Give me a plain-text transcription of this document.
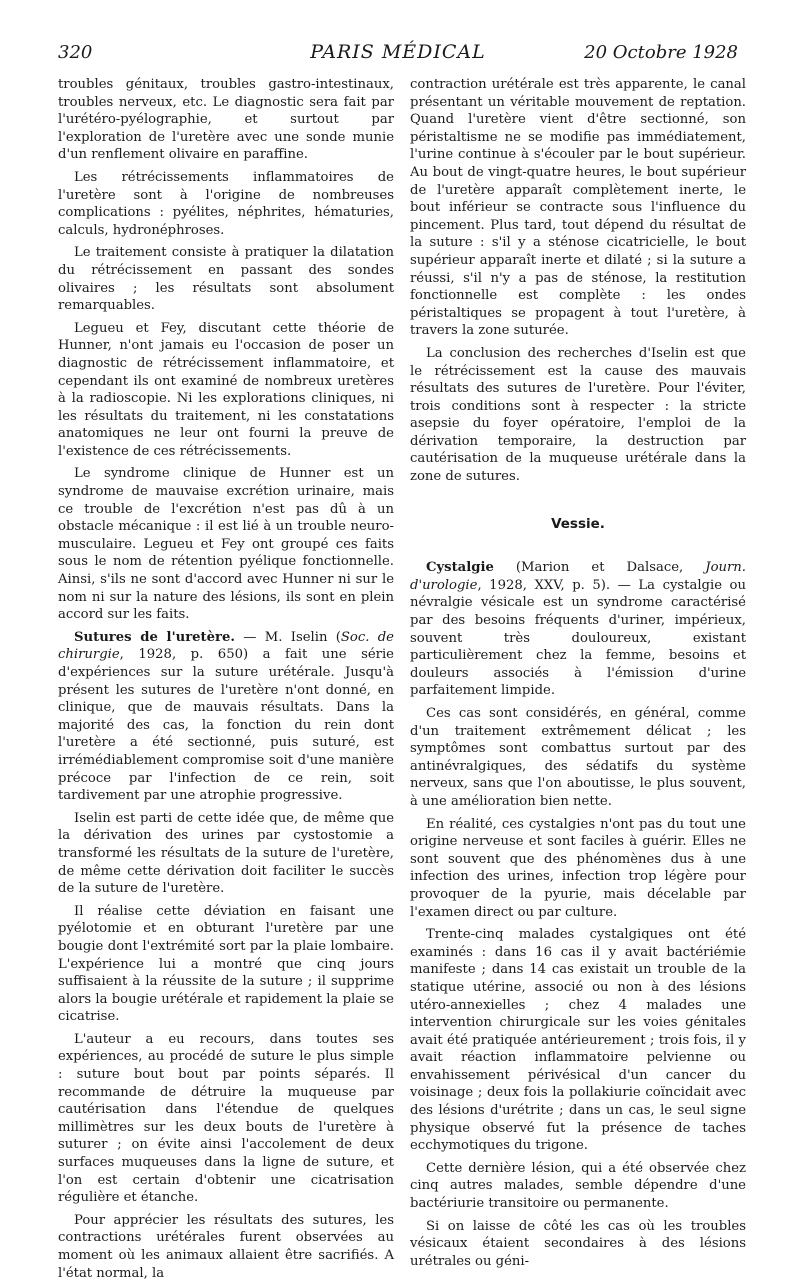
320	PARIS MÉDICAL	20 Octobre 1928

troubles génitaux, troubles gastro-intestinaux, troubles nerveux, etc. Le diagnostic sera fait par l'urétéro-pyélographie, et surtout par l'exploration de l'uretère avec une sonde munie d'un renflement olivaire en paraffine.

Les rétrécissements inflammatoires de l'uretère sont à l'origine de nombreuses complications : pyélites, néphrites, hématuries, calculs, hydronéphroses.

Le traitement consiste à pratiquer la dilatation du rétrécissement en passant des sondes olivaires ; les résultats sont absolument remarquables.

Legueu et Fey, discutant cette théorie de Hunner, n'ont jamais eu l'occasion de poser un diagnostic de rétrécissement inflammatoire, et cependant ils ont examiné de nombreux uretères à la radioscopie. Ni les explorations cliniques, ni les résultats du traitement, ni les constatations anatomiques ne leur ont fourni la preuve de l'existence de ces rétrécissements.

Le syndrome clinique de Hunner est un syndrome de mauvaise excrétion urinaire, mais ce trouble de l'excrétion n'est pas dû à un obstacle mécanique : il est lié à un trouble neuro-musculaire. Legueu et Fey ont groupé ces faits sous le nom de rétention pyélique fonctionnelle. Ainsi, s'ils ne sont d'accord avec Hunner ni sur le nom ni sur la nature des lésions, ils sont en plein accord sur les faits.

Sutures de l'uretère. — M. Iselin (Soc. de chirurgie, 1928, p. 650) a fait une série d'expériences sur la suture urétérale. Jusqu'à présent les sutures de l'uretère n'ont donné, en clinique, que de mauvais résultats. Dans la majorité des cas, la fonction du rein dont l'uretère a été sectionné, puis suturé, est irrémédiablement compromise soit d'une manière précoce par l'infection de ce rein, soit tardivement par une atrophie progressive.

Iselin est parti de cette idée que, de même que la dérivation des urines par cystostomie a transformé les résultats de la suture de l'uretère, de même cette dérivation doit faciliter le succès de la suture de l'uretère.

Il réalise cette déviation en faisant une pyélotomie et en obturant l'uretère par une bougie dont l'extrémité sort par la plaie lombaire. L'expérience lui a montré que cinq jours suffisaient à la réussite de la suture ; il supprime alors la bougie urétérale et rapidement la plaie se cicatrise.

L'auteur a eu recours, dans toutes ses expériences, au procédé de suture le plus simple : suture bout bout par points séparés. Il recommande de détruire la muqueuse par cautérisation dans l'étendue de quelques millimètres sur les deux bouts de l'uretère à suturer ; on évite ainsi l'accolement de deux surfaces muqueuses dans la ligne de suture, et l'on est certain d'obtenir une cicatrisation régulière et étanche.

Pour apprécier les résultats des sutures, les contractions urétérales furent observées au moment où les animaux allaient être sacrifiés. A l'état normal, la

contraction urétérale est très apparente, le canal présentant un véritable mouvement de reptation. Quand l'uretère vient d'être sectionné, son péristaltisme ne se modifie pas immédiatement, l'urine continue à s'écouler par le bout supérieur. Au bout de vingt-quatre heures, le bout supérieur de l'uretère apparaît complètement inerte, le bout inférieur se contracte sous l'influence du pincement. Plus tard, tout dépend du résultat de la suture : s'il y a sténose cicatricielle, le bout supérieur apparaît inerte et dilaté ; si la suture a réussi, s'il n'y a pas de sténose, la restitution fonctionnelle est complète : les ondes péristaltiques se propagent à tout l'uretère, à travers la zone suturée.

La conclusion des recherches d'Iselin est que le rétrécissement est la cause des mauvais résultats des sutures de l'uretère. Pour l'éviter, trois conditions sont à respecter : la stricte asepsie du foyer opératoire, l'emploi de la dérivation temporaire, la destruction par cautérisation de la muqueuse urétérale dans la zone de sutures.

Vessie.

Cystalgie (Marion et Dalsace, Journ. d'urologie, 1928, XXV, p. 5). — La cystalgie ou névralgie vésicale est un syndrome caractérisé par des besoins fréquents d'uriner, impérieux, souvent très douloureux, existant particulièrement chez la femme, besoins et douleurs associés à l'émission d'urine parfaitement limpide.

Ces cas sont considérés, en général, comme d'un traitement extrêmement délicat ; les symptômes sont combattus surtout par des antinévralgiques, des sédatifs du système nerveux, sans que l'on aboutisse, le plus souvent, à une amélioration bien nette.

En réalité, ces cystalgies n'ont pas du tout une origine nerveuse et sont faciles à guérir. Elles ne sont souvent que des phénomènes dus à une infection des urines, infection trop légère pour provoquer de la pyurie, mais décelable par l'examen direct ou par culture.

Trente-cinq malades cystalgiques ont été examinés : dans 16 cas il y avait bactériémie manifeste ; dans 14 cas existait un trouble de la statique utérine, associé ou non à des lésions utéro-annexielles ; chez 4 malades une intervention chirurgicale sur les voies génitales avait été pratiquée antérieurement ; trois fois, il y avait réaction inflammatoire pelvienne ou envahissement périvésical d'un cancer du voisinage ; deux fois la pollakiurie coïncidait avec des lésions d'urétrite ; dans un cas, le seul signe physique observé fut la présence de taches ecchymotiques du trigone.

Cette dernière lésion, qui a été observée chez cinq autres malades, semble dépendre d'une bactériurie transitoire ou permanente.

Si on laisse de côté les cas où les troubles vésicaux étaient secondaires à des lésions urétrales ou géni-
